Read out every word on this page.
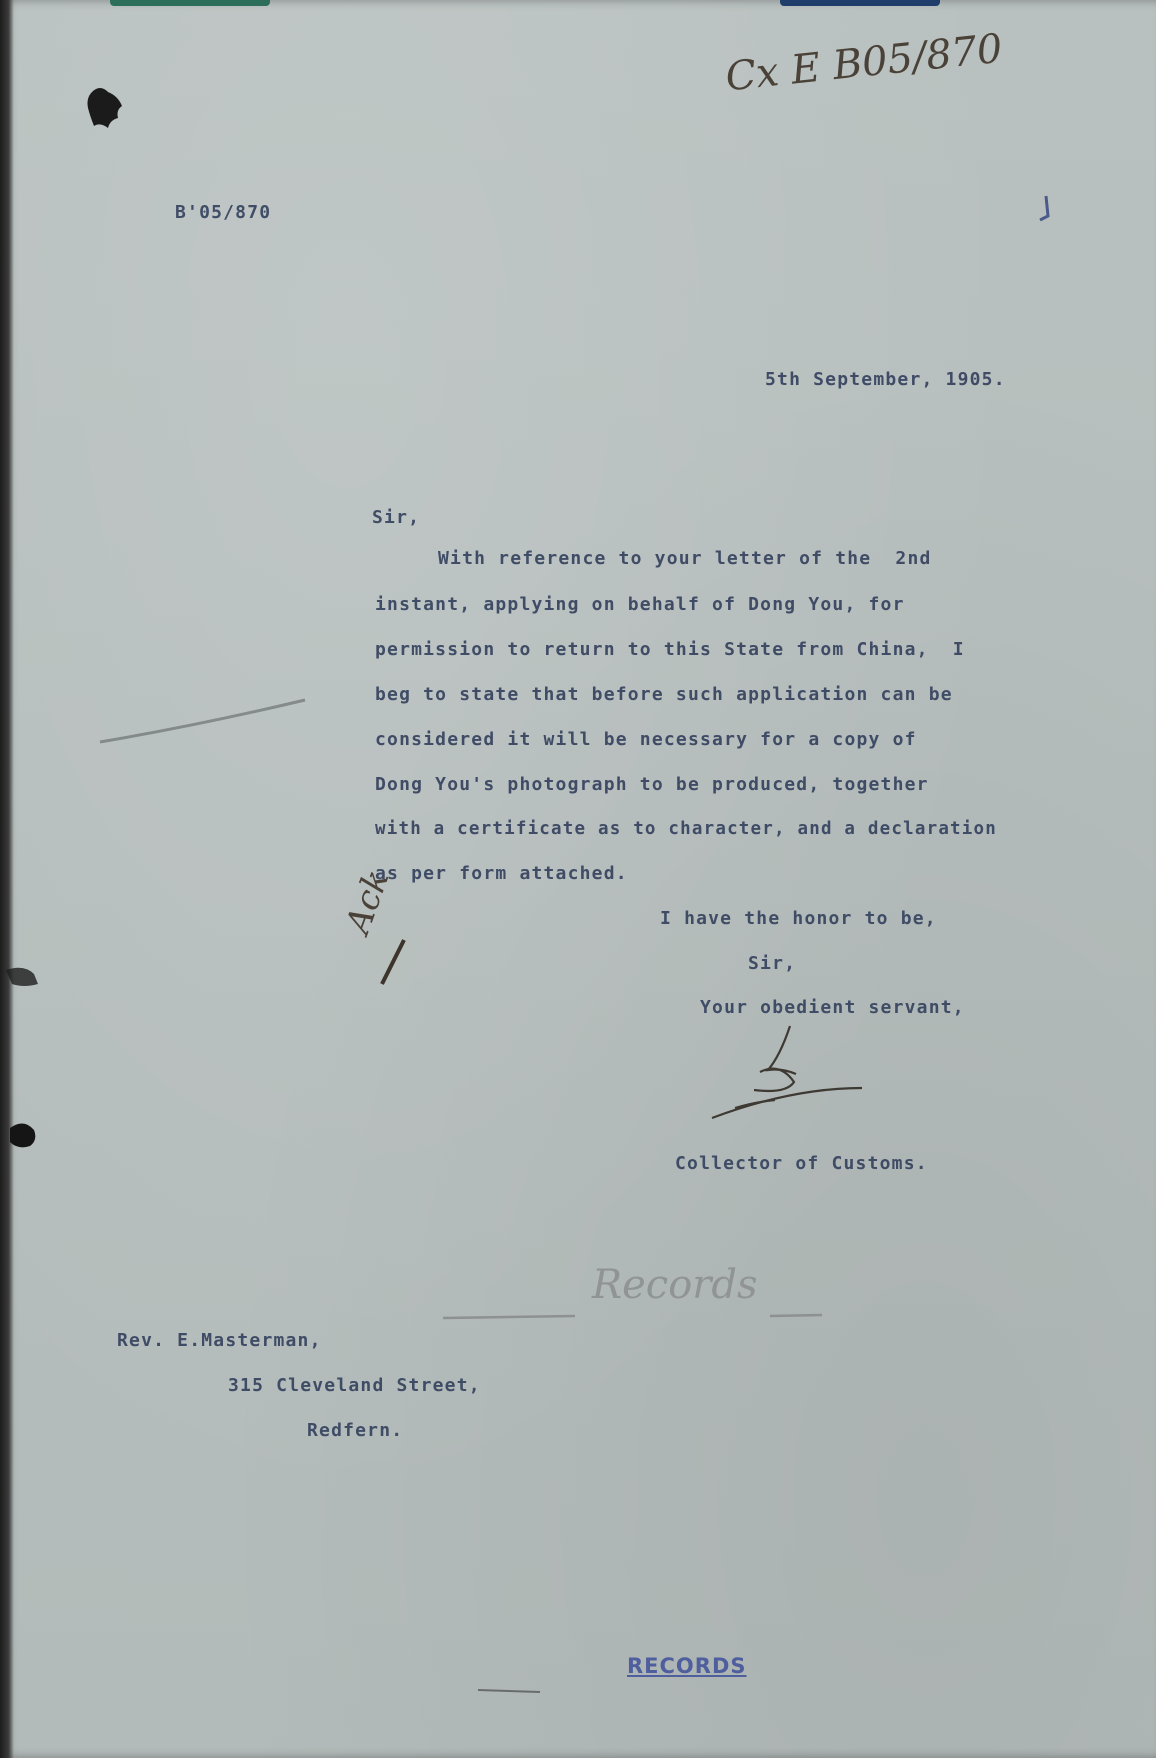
Cx E B05/870
B'05/870
5th September, 1905.
Sir,
With reference to your letter of the  2nd
instant, applying on behalf of Dong You, for
permission to return to this State from China,  I
beg to state that before such application can be
considered it will be necessary for a copy of
Dong You's photograph to be produced, together
with a certificate as to character, and a declaration
as per form attached.
I have the honor to be,
Sir,
Your obedient servant,
Ack
Collector of Customs.
Records
Rev. E.Masterman,
315 Cleveland Street,
Redfern.
RECORDS
